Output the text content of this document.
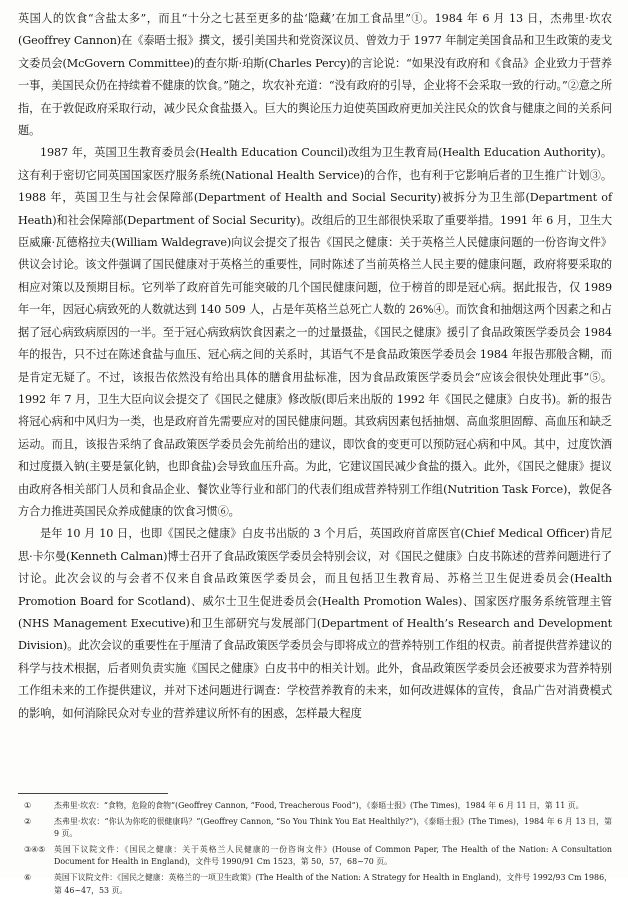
英国人的饮食“含盐太多”，而且“十分之七甚至更多的盐‘隐藏’在加工食品里”①。1984 年 6 月 13 日，杰弗里·坎农(Geoffrey Cannon)在《泰晤士报》撰文，援引美国共和党资深议员、曾效力于 1977 年制定美国食品和卫生政策的麦戈文委员会(McGovern Committee)的查尔斯·珀斯(Charles Percy)的言论说：“如果没有政府和《食品》企业致力于营养一事，美国民众仍在持续着不健康的饮食。”随之，坎农补充道：“没有政府的引导，企业将不会采取一致的行动。”②意之所指，在于敦促政府采取行动，减少民众食盐摄入。巨大的舆论压力迫使英国政府更加关注民众的饮食与健康之间的关系问题。

1987 年，英国卫生教育委员会(Health Education Council)改组为卫生教育局(Health Education Authority)。这有利于密切它同英国国家医疗服务系统(National Health Service)的合作，也有利于它影响后者的卫生推广计划③。1988 年，英国卫生与社会保障部(Department of Health and Social Security)被拆分为卫生部(Department of Heath)和社会保障部(Department of Social Security)。改组后的卫生部很快采取了重要举措。1991 年 6 月，卫生大臣威廉·瓦德格拉夫(William Waldegrave)向议会提交了报告《国民之健康：关于英格兰人民健康问题的一份咨询文件》供议会讨论。该文件强调了国民健康对于英格兰的重要性，同时陈述了当前英格兰人民主要的健康问题，政府将要采取的相应对策以及预期目标。它列举了政府首先可能突破的几个国民健康问题，位于榜首的即是冠心病。据此报告，仅 1989 年一年，因冠心病致死的人数就达到 140 509 人，占是年英格兰总死亡人数的 26%④。而饮食和抽烟这两个因素之和占据了冠心病致病原因的一半。至于冠心病致病饮食因素之一的过量摄盐，《国民之健康》援引了食品政策医学委员会 1984 年的报告，只不过在陈述食盐与血压、冠心病之间的关系时，其语气不是食品政策医学委员会 1984 年报告那般含糊，而是肯定无疑了。不过，该报告依然没有给出具体的膳食用盐标准，因为食品政策医学委员会“应该会很快处理此事”⑤。1992 年 7 月，卫生大臣向议会提交了《国民之健康》修改版(即后来出版的 1992 年《国民之健康》白皮书)。新的报告将冠心病和中风归为一类，也是政府首先需要应对的国民健康问题。其致病因素包括抽烟、高血浆胆固醇、高血压和缺乏运动。而且，该报告采纳了食品政策医学委员会先前给出的建议，即饮食的变更可以预防冠心病和中风。其中，过度饮酒和过度摄入钠(主要是氯化钠，也即食盐)会导致血压升高。为此，它建议国民减少食盐的摄入。此外，《国民之健康》提议由政府各相关部门人员和食品企业、餐饮业等行业和部门的代表们组成营养特别工作组(Nutrition Task Force)，敦促各方合力推进英国民众养成健康的饮食习惯⑥。

是年 10 月 10 日，也即《国民之健康》白皮书出版的 3 个月后，英国政府首席医官(Chief Medical Officer)肯尼思·卡尔曼(Kenneth Calman)博士召开了食品政策医学委员会特别会议，对《国民之健康》白皮书陈述的营养问题进行了讨论。此次会议的与会者不仅来自食品政策医学委员会，而且包括卫生教育局、苏格兰卫生促进委员会(Health Promotion Board for Scotland)、威尔士卫生促进委员会(Health Promotion Wales)、国家医疗服务系统管理主管(NHS Management Executive)和卫生部研究与发展部门(Department of Health’s Research and Development Division)。此次会议的重要性在于厘清了食品政策医学委员会与即将成立的营养特别工作组的权责。前者提供营养建议的科学与技术根据，后者则负责实施《国民之健康》白皮书中的相关计划。此外，食品政策医学委员会还被要求为营养特别工作组未来的工作提供建议，并对下述问题进行调查：学校营养教育的未来，如何改进媒体的宣传，食品广告对消费模式的影响，如何消除民众对专业的营养建议所怀有的困惑，怎样最大程度

①	杰弗里·坎农：“食物，危险的食物”(Geoffrey Cannon, “Food, Treacherous Food”)，《泰晤士报》(The Times)，1984 年 6 月 11 日，第 11 页。
②	杰弗里·坎农：“你认为你吃的很健康吗？”(Geoffrey Cannon, “So You Think You Eat Healthily?”)，《泰晤士报》(The Times)，1984 年 6 月 13 日，第 9 页。
③④⑤	英国下议院文件：《国民之健康：关于英格兰人民健康的一份咨询文件》(House of Common Paper, The Health of the Nation: A Consultation Document for Health in England)，文件号 1990/91 Cm 1523，第 50，57，68~70 页。
⑥	英国下议院文件：《国民之健康：英格兰的一项卫生政策》(The Health of the Nation: A Strategy for Health in England)，文件号 1992/93 Cm 1986，第 46~47，53 页。
